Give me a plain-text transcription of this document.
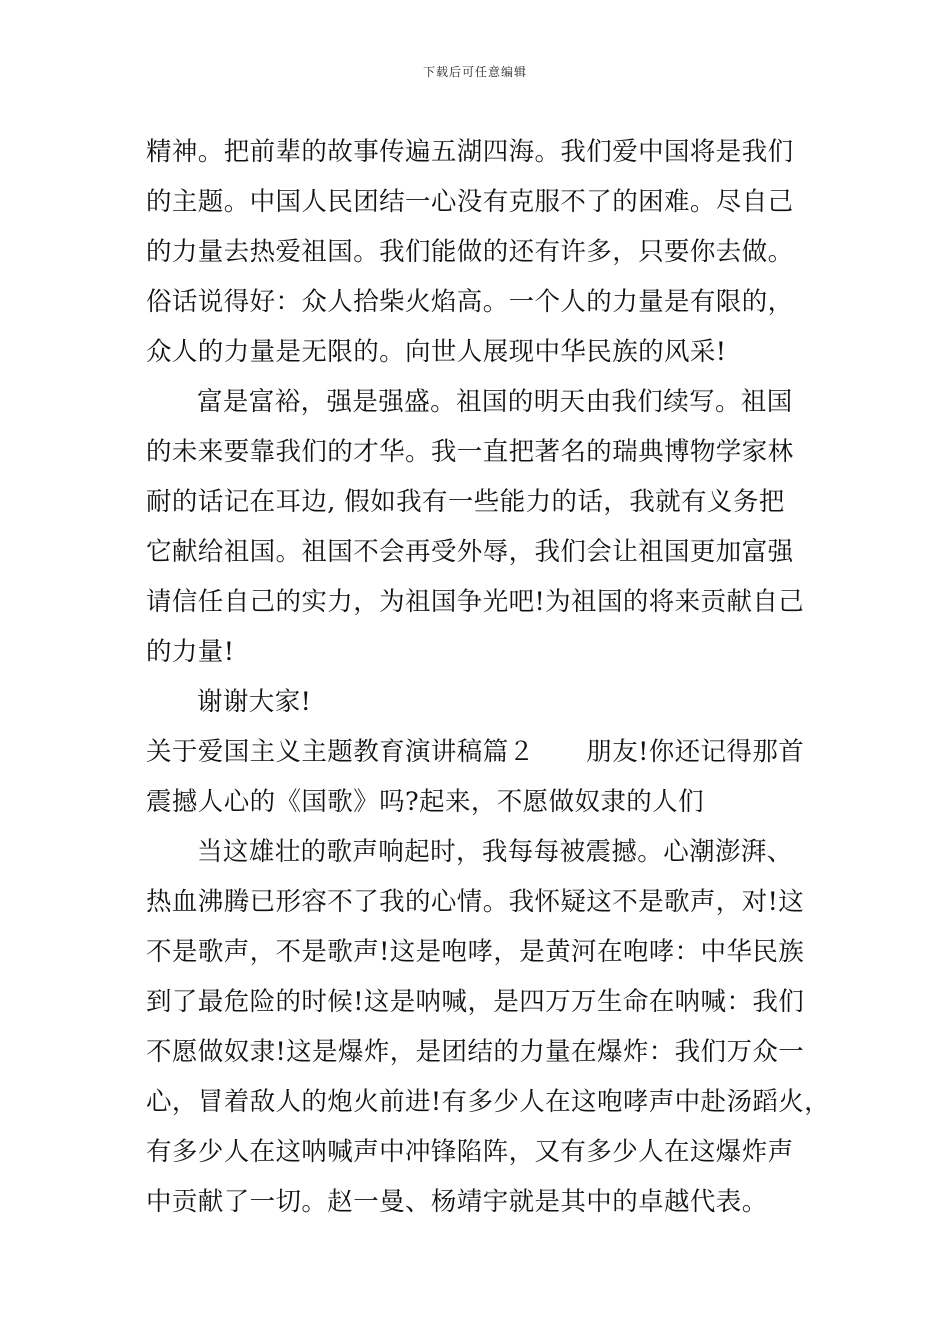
下载后可任意编辑
精神。把前辈的故事传遍五湖四海。我们爱中国将是我们
的主题。中国人民团结一心没有克服不了的困难。尽自己
的力量去热爱祖国。我们能做的还有许多，只要你去做。
俗话说得好：众人拾柴火焰高。一个人的力量是有限的，
众人的力量是无限的。向世人展现中华民族的风采!
富是富裕，强是强盛。祖国的明天由我们续写。祖国
的未来要靠我们的才华。我一直把著名的瑞典博物学家林
耐的话记在耳边, 假如我有一些能力的话，我就有义务把
它献给祖国。祖国不会再受外辱，我们会让祖国更加富强
请信任自己的实力，为祖国争光吧!为祖国的将来贡献自己
的力量!
谢谢大家!
关于爱国主义主题教育演讲稿篇２　　朋友!你还记得那首
震撼人心的《国歌》吗?起来，不愿做奴隶的人们
当这雄壮的歌声响起时，我每每被震撼。心潮澎湃、
热血沸腾已形容不了我的心情。我怀疑这不是歌声，对!这
不是歌声，不是歌声!这是咆哮，是黄河在咆哮：中华民族
到了最危险的时候!这是呐喊，是四万万生命在呐喊：我们
不愿做奴隶!这是爆炸，是团结的力量在爆炸：我们万众一
心，冒着敌人的炮火前进!有多少人在这咆哮声中赴汤蹈火，
有多少人在这呐喊声中冲锋陷阵，又有多少人在这爆炸声
中贡献了一切。赵一曼、杨靖宇就是其中的卓越代表。
